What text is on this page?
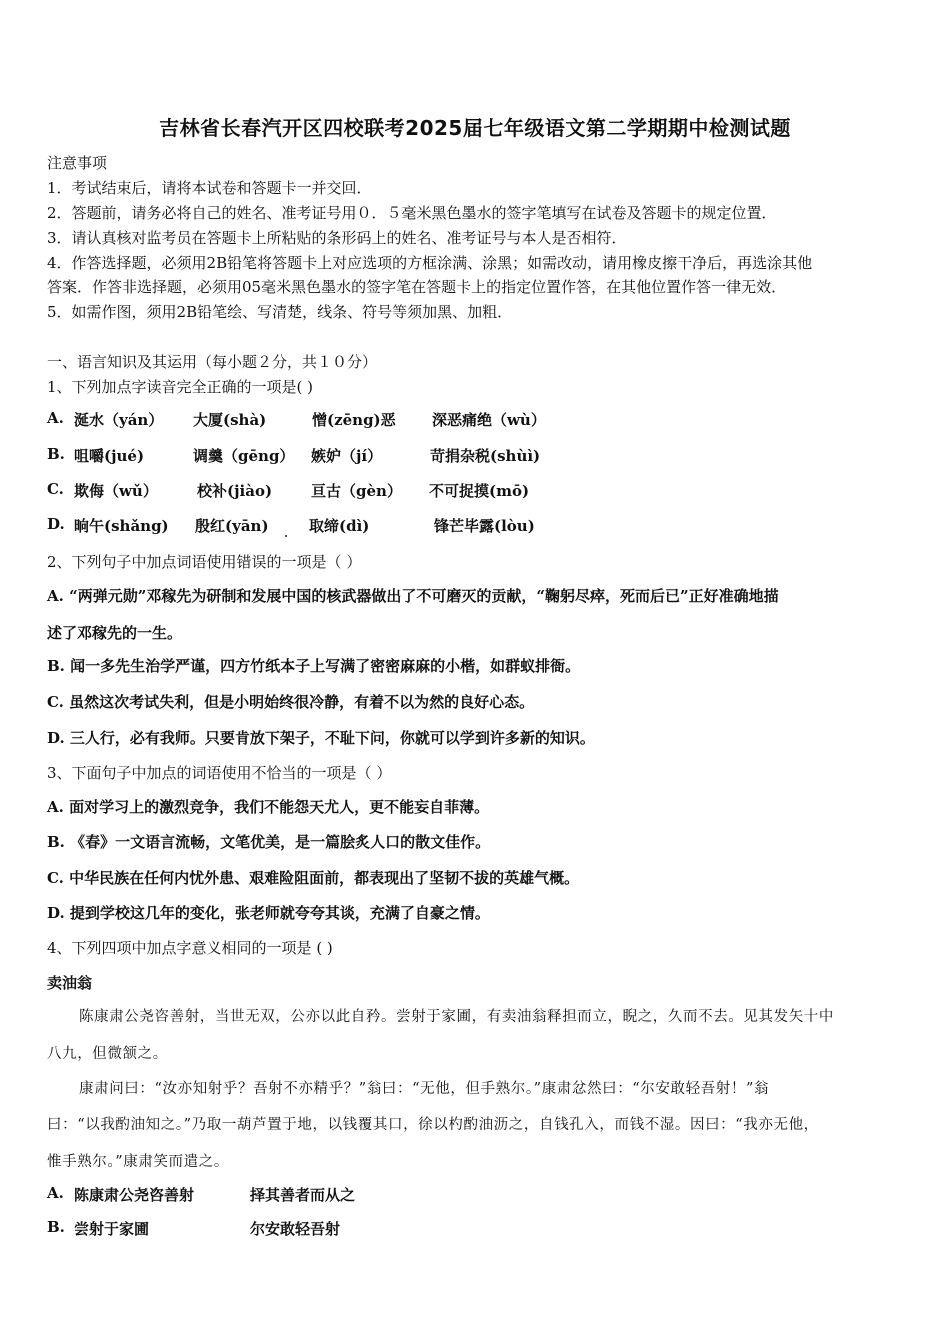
吉林省长春汽开区四校联考2025届七年级语文第二学期期中检测试题
注意事项
1．考试结束后，请将本试卷和答题卡一并交回．
2．答题前，请务必将自己的姓名、准考证号用０．５毫米黑色墨水的签字笔填写在试卷及答题卡的规定位置．
3．请认真核对监考员在答题卡上所粘贴的条形码上的姓名、准考证号与本人是否相符．
4．作答选择题，必须用2B铅笔将答题卡上对应选项的方框涂满、涂黑；如需改动，请用橡皮擦干净后，再选涂其他
答案．作答非选择题，必须用05毫米黑色墨水的签字笔在答题卡上的指定位置作答，在其他位置作答一律无效．
5．如需作图，须用2B铅笔绘、写清楚，线条、符号等须加黑、加粗．
一、语言知识及其运用（每小题２分，共１０分）
1、下列加点字读音完全正确的一项是( )
A. 涎水（yán） 大厦(shà)	憎(zēng)恶 深恶痛绝（wù）
B. 咀嚼(jué)	调羹（gēng） 嫉妒（jí）	苛捐杂税(shùì)
C. 欺侮（wǔ）	校补(jiào)	亘古（gèn） 不可捉摸(mō)
D. 晌午(shǎng) 殷红(yān)	取缔(dì)	锋芒毕露(lòu)
2、下列句子中加点词语使用错误的一项是（ ）
A. “两弹元勋”邓稼先为研制和发展中国的核武器做出了不可磨灭的贡献，“鞠躬尽瘁，死而后已”正好准确地描
述了邓稼先的一生。
B. 闻一多先生治学严谨，四方竹纸本子上写满了密密麻麻的小楷，如群蚁排衙。
C. 虽然这次考试失利，但是小明始终很冷静，有着不以为然的良好心态。
D. 三人行，必有我师。只要肯放下架子，不耻下问，你就可以学到许多新的知识。
3、下面句子中加点的词语使用不恰当的一项是（ ）
A. 面对学习上的激烈竞争，我们不能怨天尤人，更不能妄自菲薄。
B. 《春》一文语言流畅，文笔优美，是一篇脍炙人口的散文佳作。
C. 中华民族在任何内忧外患、艰难险阻面前，都表现出了坚韧不拔的英雄气概。
D. 提到学校这几年的变化，张老师就夸夸其谈，充满了自豪之情。
4、下列四项中加点字意义相同的一项是 ( )
卖油翁
陈康肃公尧咨善射，当世无双，公亦以此自矜。尝射于家圃，有卖油翁释担而立，睨之，久而不去。见其发矢十中
八九，但微颔之。
康肃问曰：“汝亦知射乎？吾射不亦精乎？”翁曰：“无他，但手熟尔。”康肃忿然曰：“尔安敢轻吾射！”翁
曰：“以我酌油知之。”乃取一葫芦置于地，以钱覆其口，徐以杓酌油沥之，自钱孔入，而钱不湿。因曰：“我亦无他，
惟手熟尔。”康肃笑而遣之。
A. 陈康肃公尧咨善射	择其善者而从之
B. 尝射于家圃	尔安敢轻吾射
